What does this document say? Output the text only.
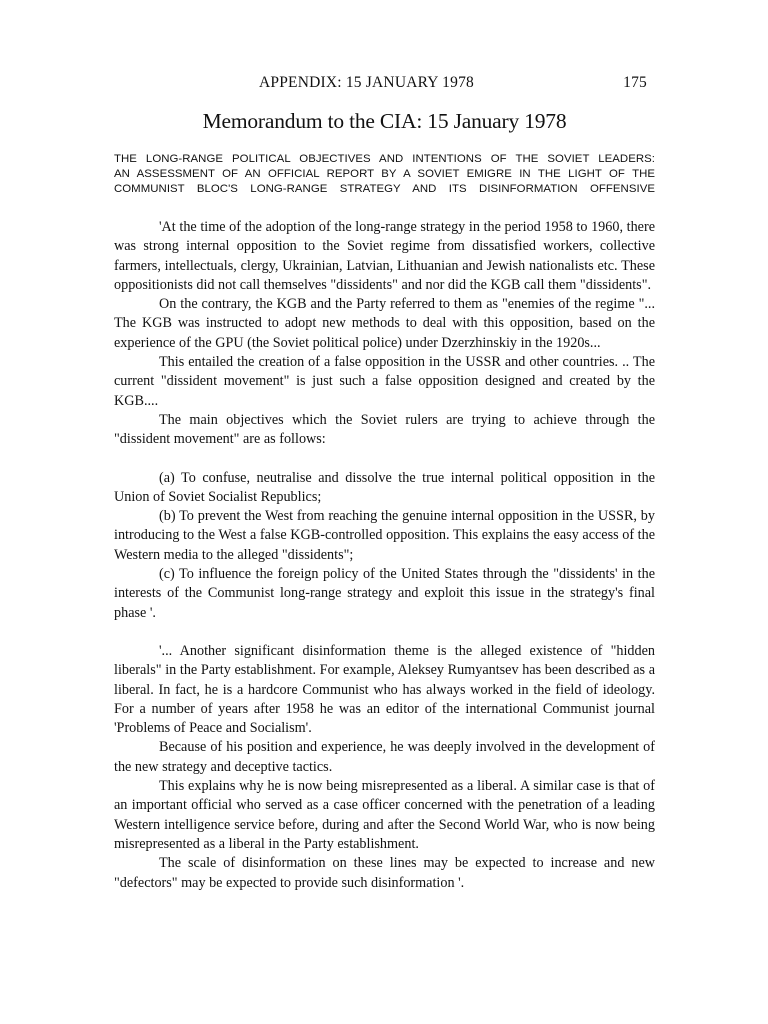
APPENDIX: 15 JANUARY 1978	175
Memorandum to the CIA: 15 January 1978
THE LONG-RANGE POLITICAL OBJECTIVES AND INTENTIONS OF THE SOVIET LEADERS:
AN ASSESSMENT OF AN OFFICIAL REPORT BY A SOVIET EMIGRE IN THE LIGHT OF THE
COMMUNIST BLOC'S LONG-RANGE STRATEGY AND ITS DISINFORMATION OFFENSIVE

'At the time of the adoption of the long-range strategy in the period 1958 to 1960, there was strong internal opposition to the Soviet regime from dissatisfied workers, collective farmers, intellectuals, clergy, Ukrainian, Latvian, Lithuanian and Jewish nationalists etc. These oppositionists did not call themselves "dissidents" and nor did the KGB call them "dissidents".

On the contrary, the KGB and the Party referred to them as "enemies of the regime "... The KGB was instructed to adopt new methods to deal with this opposition, based on the experience of the GPU (the Soviet political police) under Dzerzhinskiy in the 1920s...

This entailed the creation of a false opposition in the USSR and other countries. .. The current "dissident movement" is just such a false opposition designed and created by the KGB....

The main objectives which the Soviet rulers are trying to achieve through the "dissident movement" are as follows:

(a) To confuse, neutralise and dissolve the true internal political opposition in the Union of Soviet Socialist Republics;

(b) To prevent the West from reaching the genuine internal opposition in the USSR, by introducing to the West a false KGB-controlled opposition. This explains the easy access of the Western media to the alleged "dissidents";

(c) To influence the foreign policy of the United States through the "dissidents' in the interests of the Communist long-range strategy and exploit this issue in the strategy's final phase '.

'... Another significant disinformation theme is the alleged existence of "hidden liberals" in the Party establishment. For example, Aleksey Rumyantsev has been described as a liberal. In fact, he is a hardcore Communist who has always worked in the field of ideology. For a number of years after 1958 he was an editor of the international Communist journal 'Problems of Peace and Socialism'.

Because of his position and experience, he was deeply involved in the development of the new strategy and deceptive tactics.

This explains why he is now being misrepresented as a liberal. A similar case is that of an important official who served as a case officer concerned with the penetration of a leading Western intelligence service before, during and after the Second World War, who is now being misrepresented as a liberal in the Party establishment.

The scale of disinformation on these lines may be expected to increase and new "defectors" may be expected to provide such disinformation '.
